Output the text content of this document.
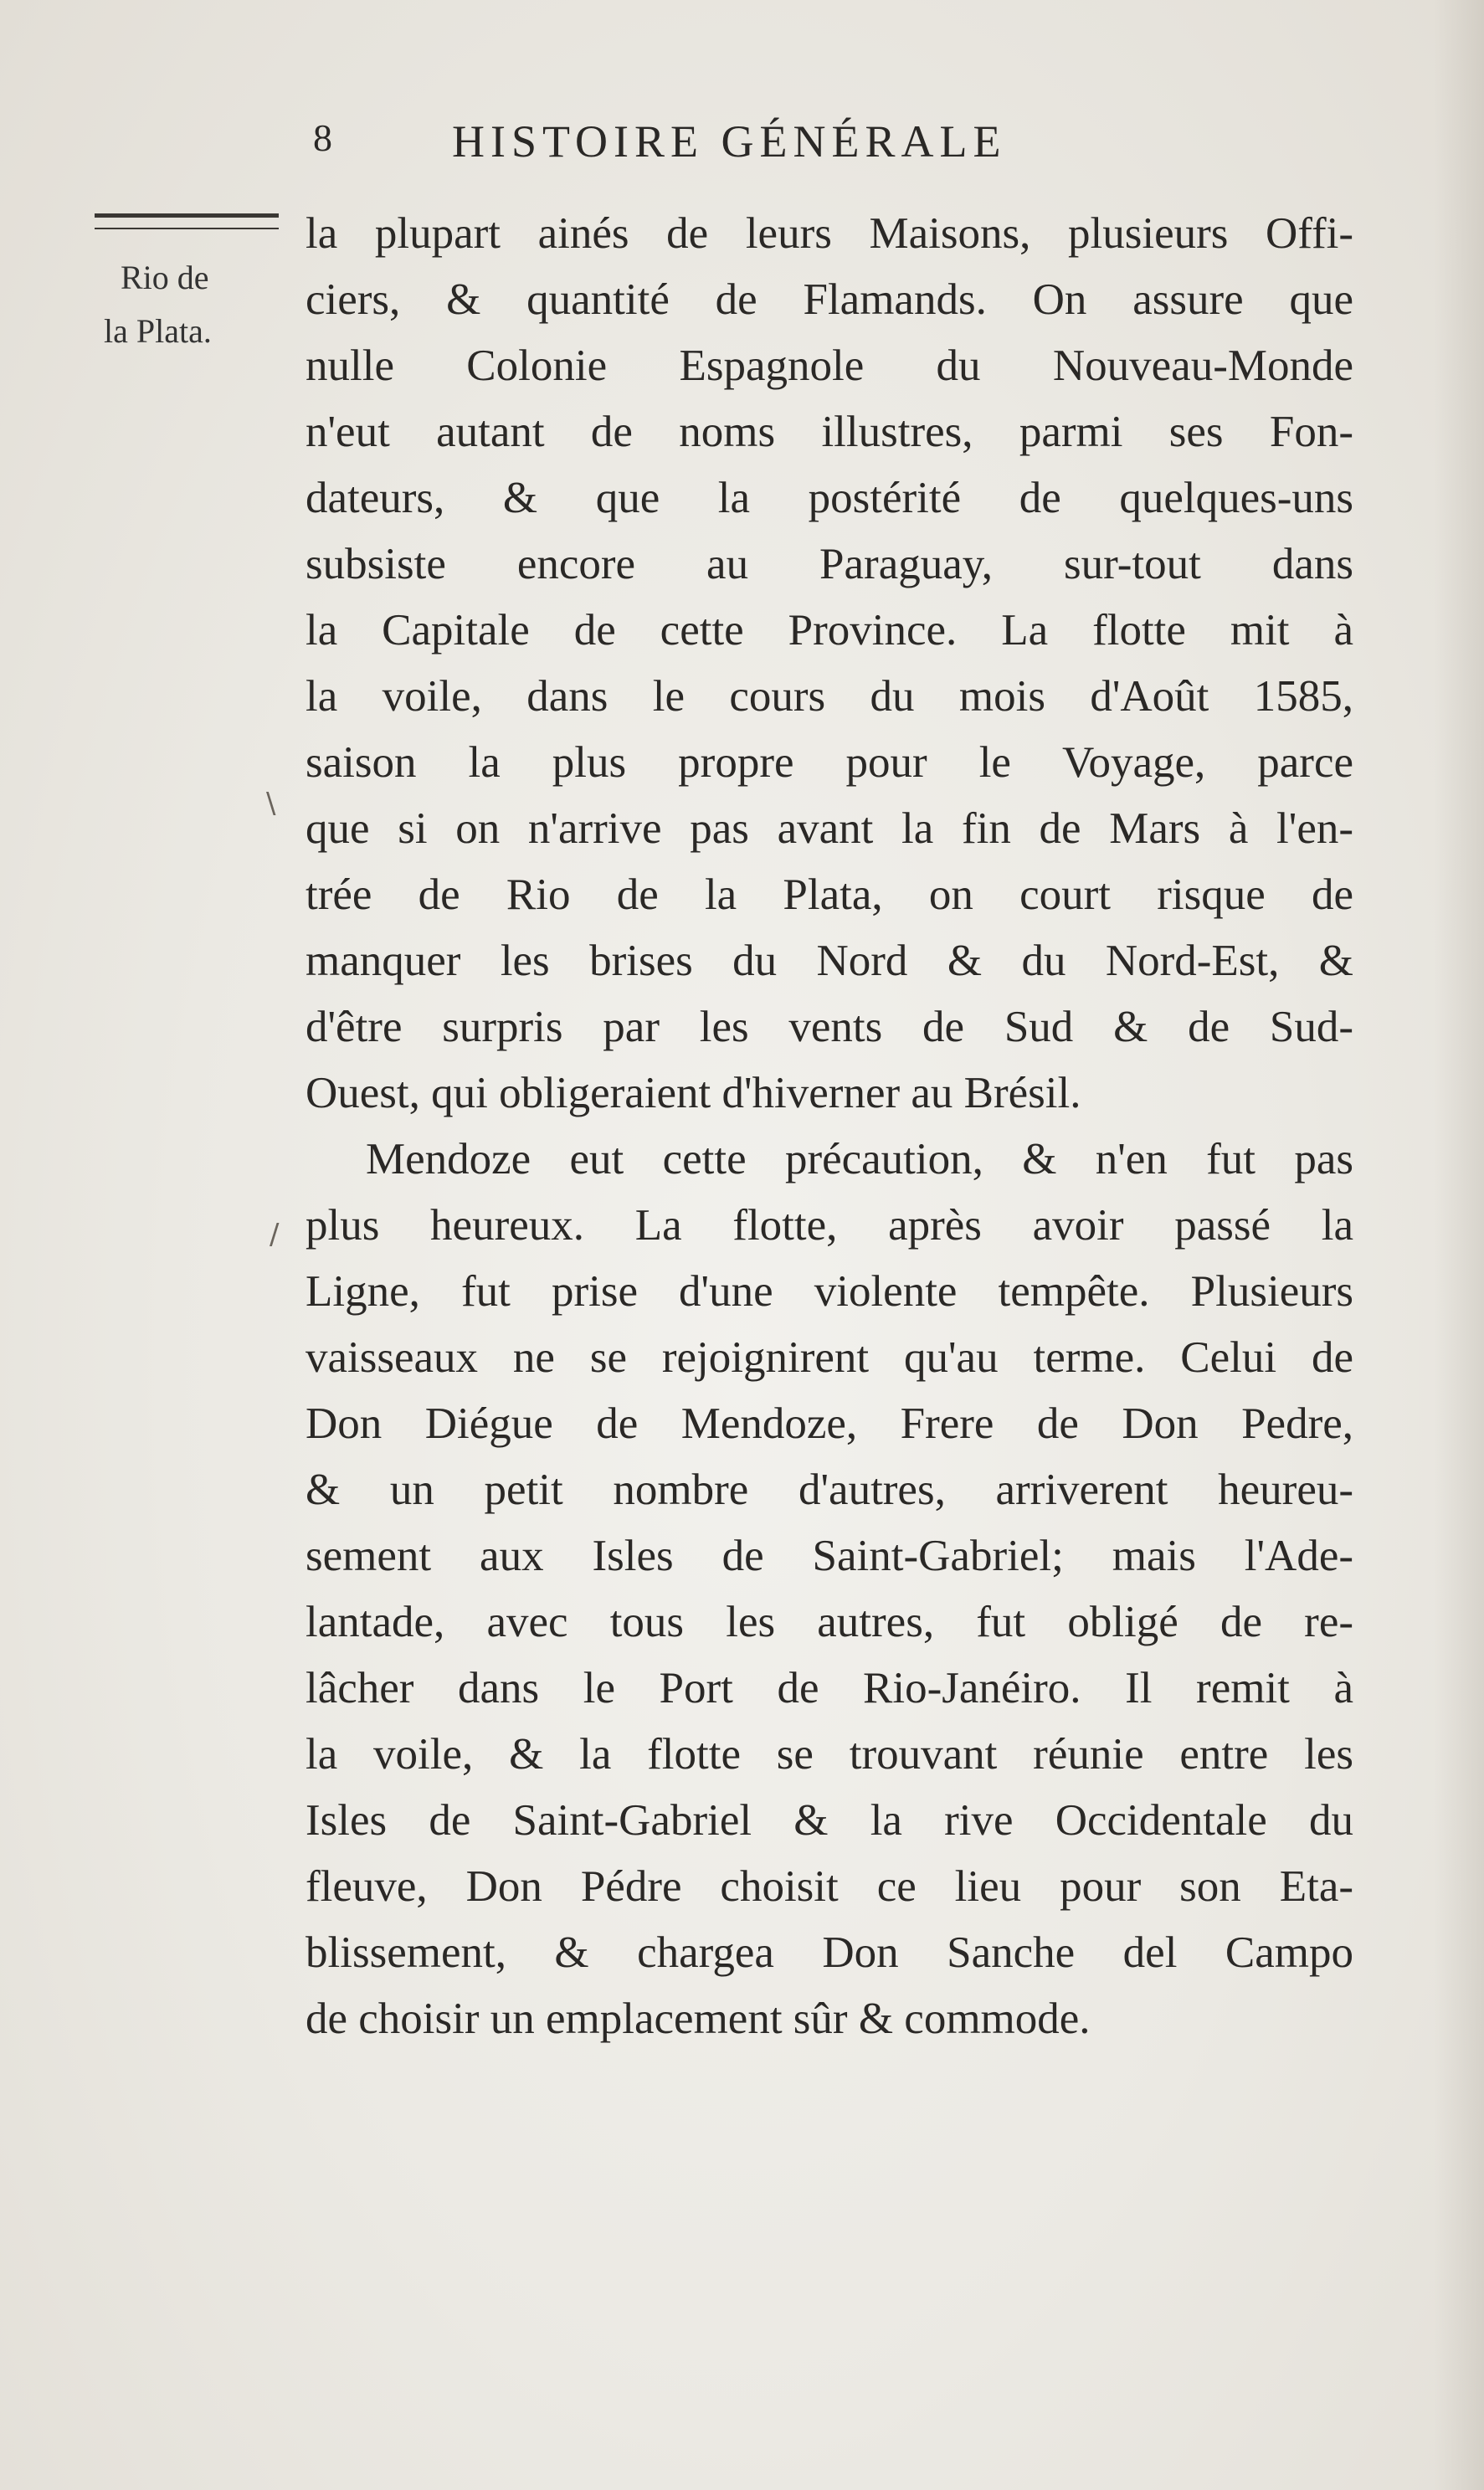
8	HISTOIRE GÉNÉRALE
Rio de
la Plata.
\
/
la plupart ainés de leurs Maisons, plusieurs Offi-
ciers, & quantité de Flamands. On assure que
nulle Colonie Espagnole du Nouveau-Monde
n'eut autant de noms illustres, parmi ses Fon-
dateurs, & que la postérité de quelques-uns
subsiste encore au Paraguay, sur-tout dans
la Capitale de cette Province. La flotte mit à
la voile, dans le cours du mois d'Août 1585,
saison la plus propre pour le Voyage, parce
que si on n'arrive pas avant la fin de Mars à l'en-
trée de Rio de la Plata, on court risque de
manquer les brises du Nord & du Nord-Est, &
d'être surpris par les vents de Sud & de Sud-
Ouest, qui obligeraient d'hiverner au Brésil.
Mendoze eut cette précaution, & n'en fut pas
plus heureux. La flotte, après avoir passé la
Ligne, fut prise d'une violente tempête. Plusieurs
vaisseaux ne se rejoignirent qu'au terme. Celui de
Don Diégue de Mendoze, Frere de Don Pedre,
& un petit nombre d'autres, arriverent heureu-
sement aux Isles de Saint-Gabriel; mais l'Ade-
lantade, avec tous les autres, fut obligé de re-
lâcher dans le Port de Rio-Janéiro. Il remit à
la voile, & la flotte se trouvant réunie entre les
Isles de Saint-Gabriel & la rive Occidentale du
fleuve, Don Pédre choisit ce lieu pour son Eta-
blissement, & chargea Don Sanche del Campo
de choisir un emplacement sûr & commode.
